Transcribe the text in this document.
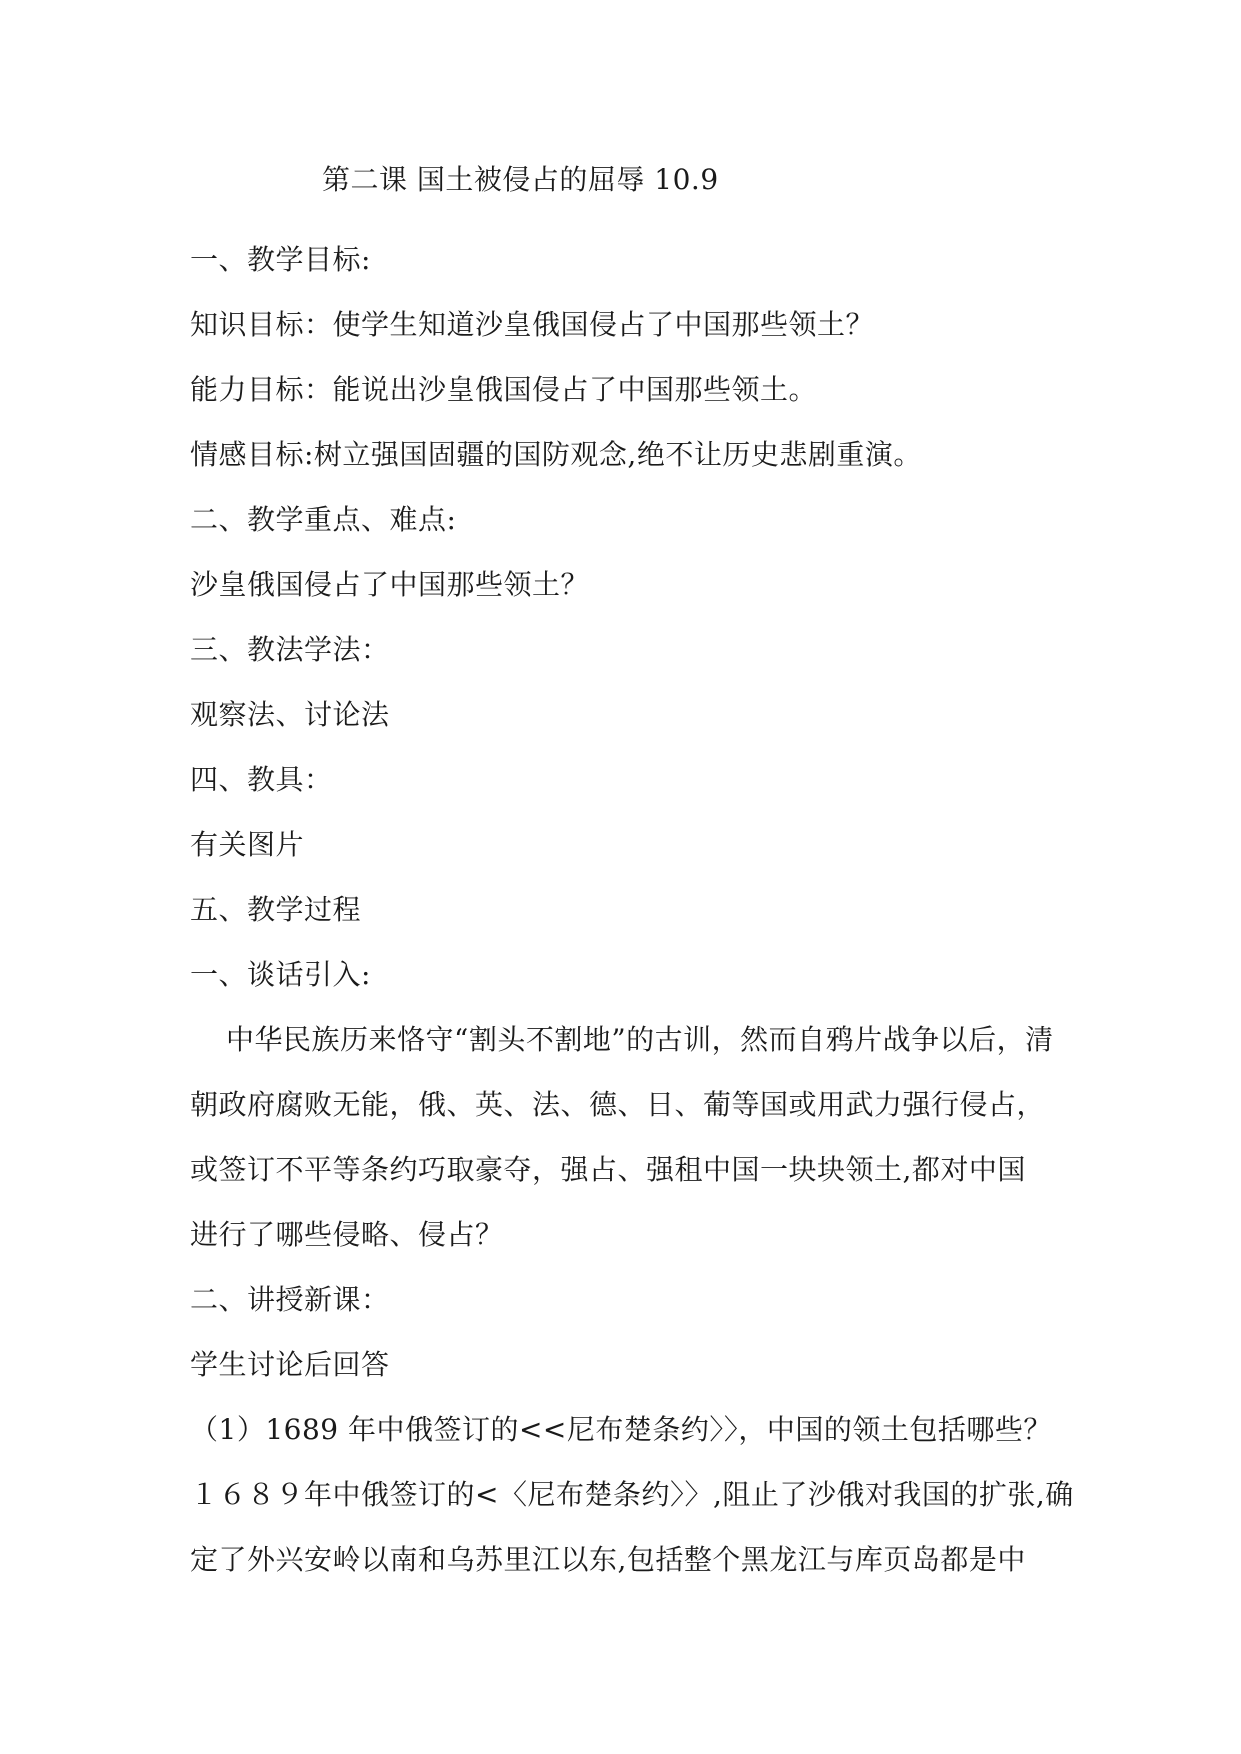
第二课 国土被侵占的屈辱 10.9
一、教学目标:
知识目标：使学生知道沙皇俄国侵占了中国那些领土？
能力目标：能说出沙皇俄国侵占了中国那些领土。
情感目标:树立强国固疆的国防观念,绝不让历史悲剧重演。
二、教学重点、难点:
沙皇俄国侵占了中国那些领土？
三、教法学法：
观察法、讨论法
四、教具：
有关图片
五、教学过程
一、谈话引入:
中华民族历来恪守“割头不割地”的古训，然而自鸦片战争以后，清
朝政府腐败无能，俄、英、法、德、日、葡等国或用武力强行侵占，
或签订不平等条约巧取豪夺，强占、强租中国一块块领土,都对中国
进行了哪些侵略、侵占？
二、讲授新课：
学生讨论后回答
（1）1689 年中俄签订的<<尼布楚条约〉〉，中国的领土包括哪些？
１６８９年中俄签订的<〈尼布楚条约〉〉,阻止了沙俄对我国的扩张,确
定了外兴安岭以南和乌苏里江以东,包括整个黑龙江与库页岛都是中
